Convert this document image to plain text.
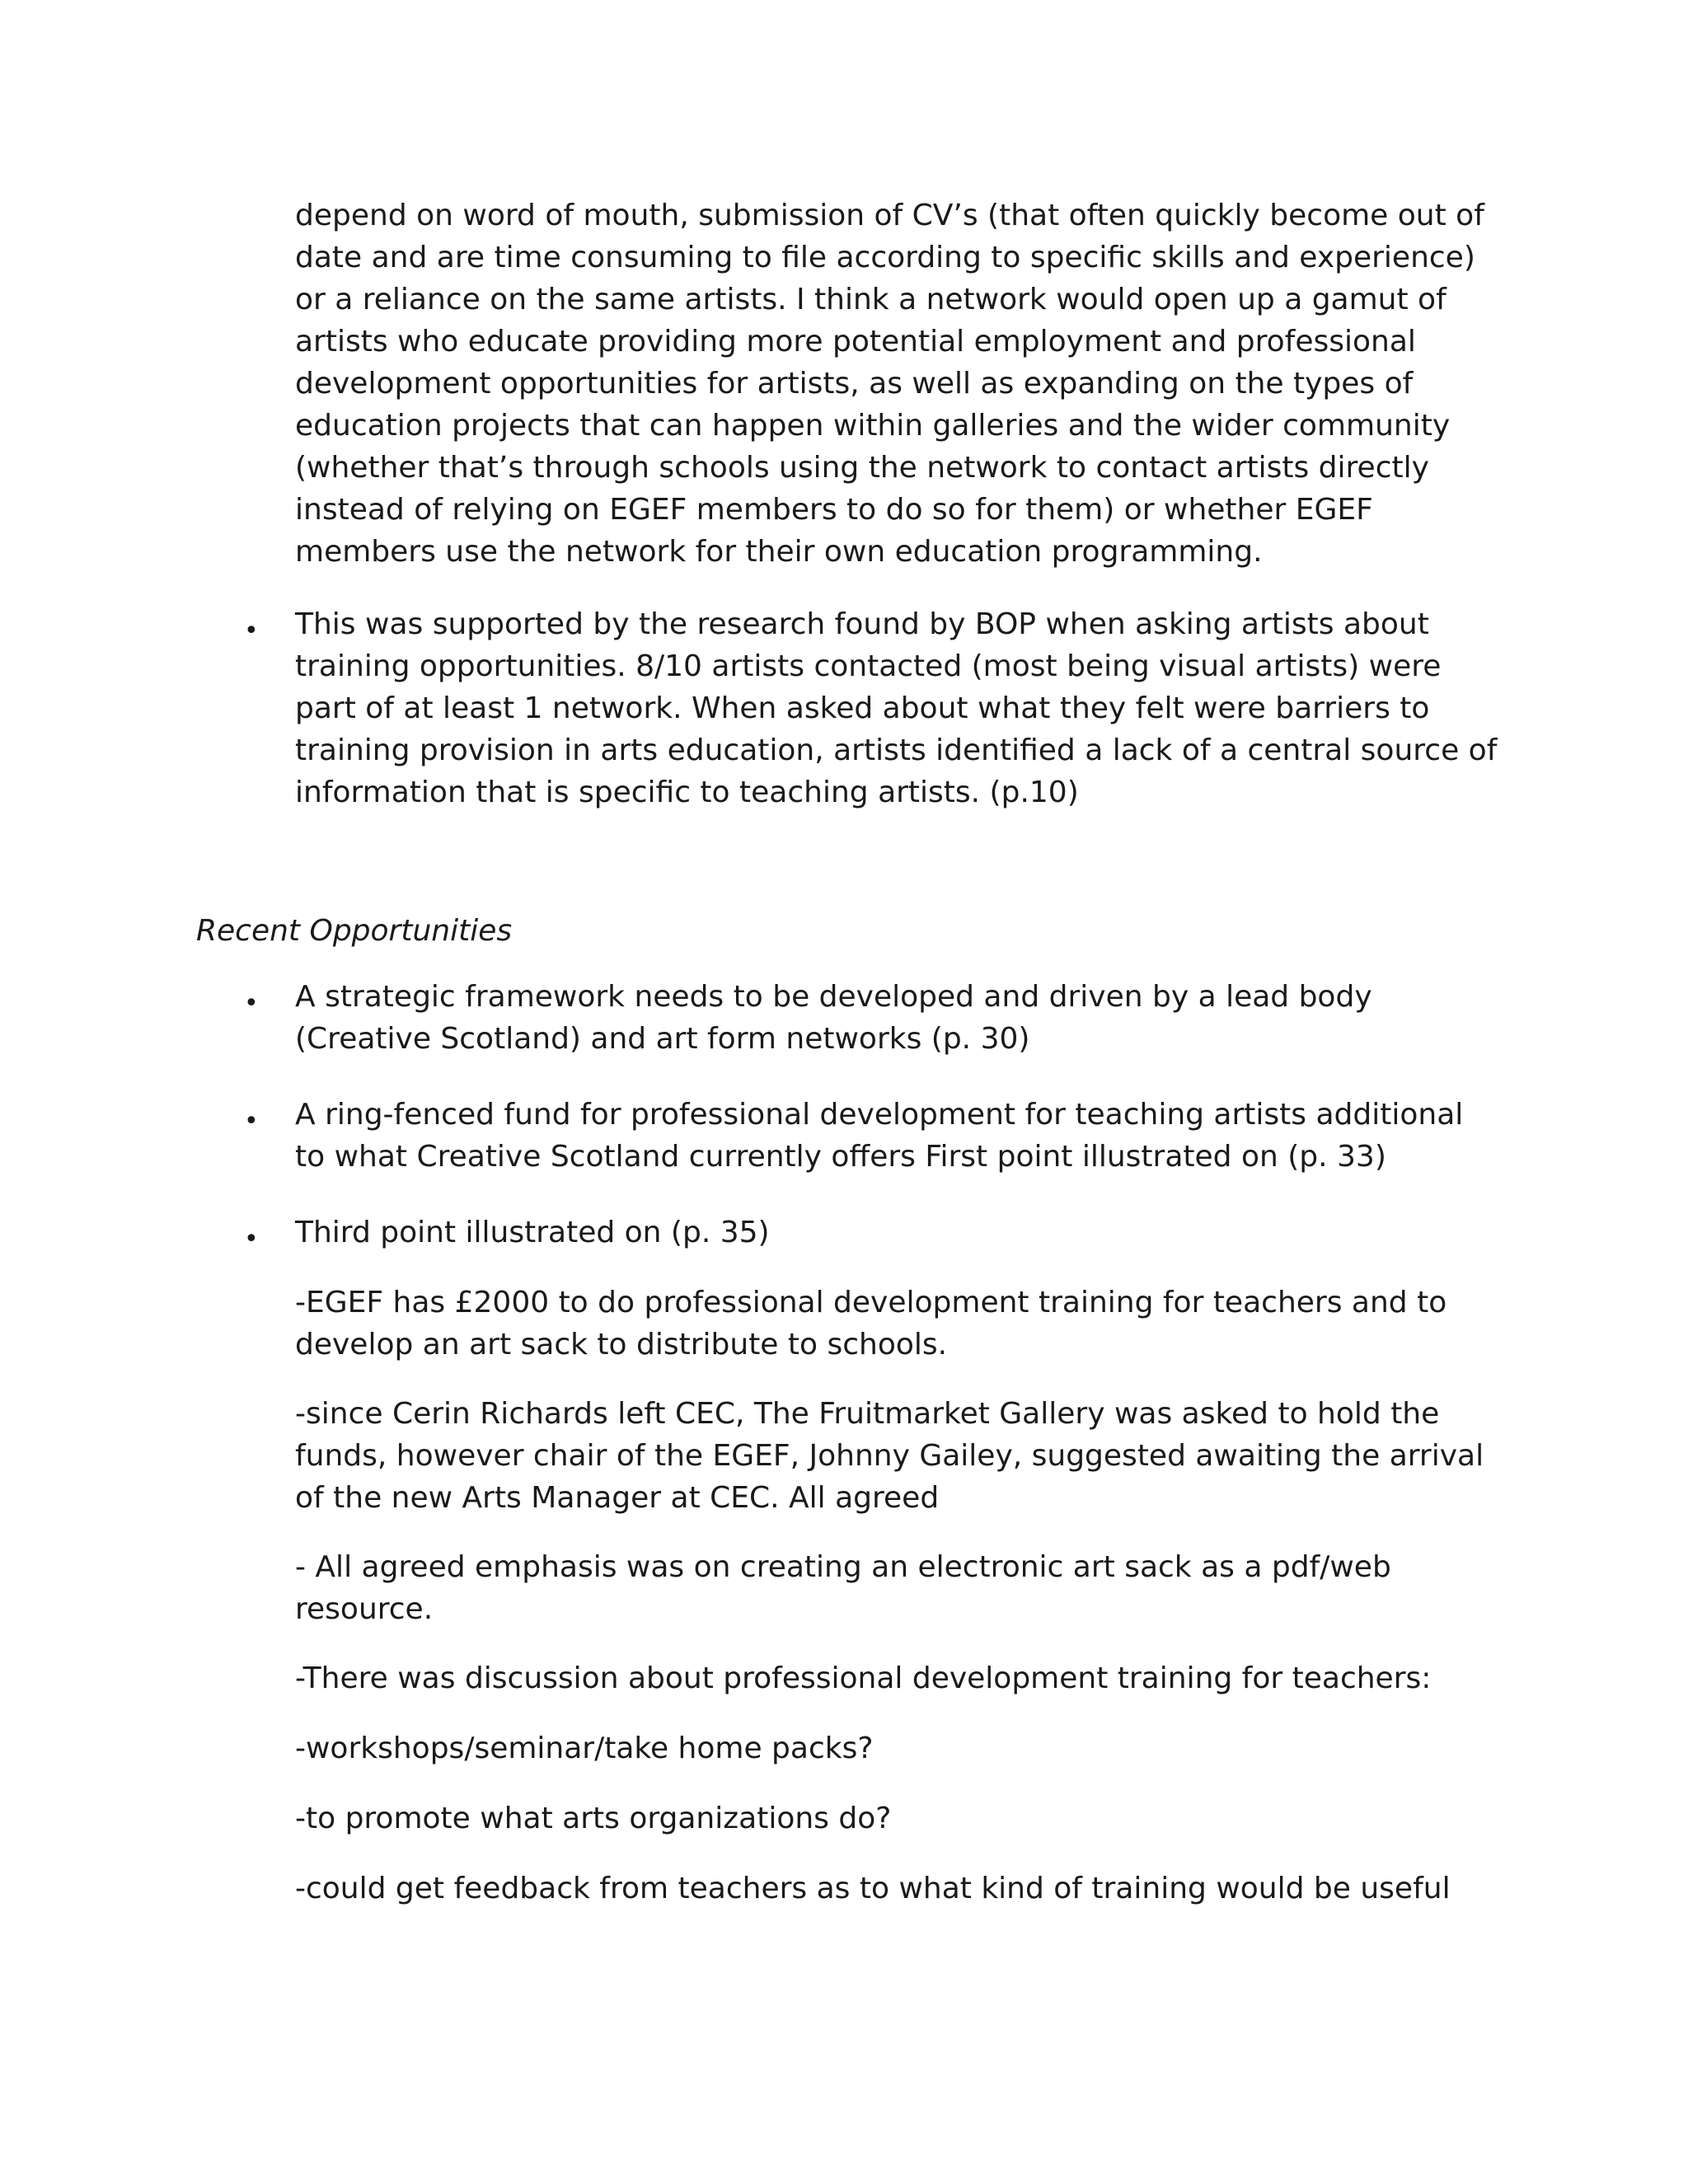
depend on word of mouth, submission of CV’s (that often quickly become out of date and are time consuming to file according to specific skills and experience) or a reliance on the same artists. I think a network would open up a gamut of artists who educate providing more potential employment and professional development opportunities for artists, as well as expanding on the types of education projects that can happen within galleries and the wider community (whether that’s through schools using the network to contact artists directly instead of relying on EGEF members to do so for them) or whether EGEF members use the network for their own education programming.

• This was supported by the research found by BOP when asking artists about training opportunities. 8/10 artists contacted (most being visual artists) were part of at least 1 network. When asked about what they felt were barriers to training provision in arts education, artists identified a lack of a central source of information that is specific to teaching artists. (p.10)

Recent Opportunities

• A strategic framework needs to be developed and driven by a lead body (Creative Scotland) and art form networks (p. 30)

• A ring-fenced fund for professional development for teaching artists additional to what Creative Scotland currently offers First point illustrated on (p. 33)

• Third point illustrated on (p. 35)

-EGEF has £2000 to do professional development training for teachers and to develop an art sack to distribute to schools.

-since Cerin Richards left CEC, The Fruitmarket Gallery was asked to hold the funds, however chair of the EGEF, Johnny Gailey, suggested awaiting the arrival of the new Arts Manager at CEC. All agreed

- All agreed emphasis was on creating an electronic art sack as a pdf/web resource.

-There was discussion about professional development training for teachers:

-workshops/seminar/take home packs?

-to promote what arts organizations do?

-could get feedback from teachers as to what kind of training would be useful
